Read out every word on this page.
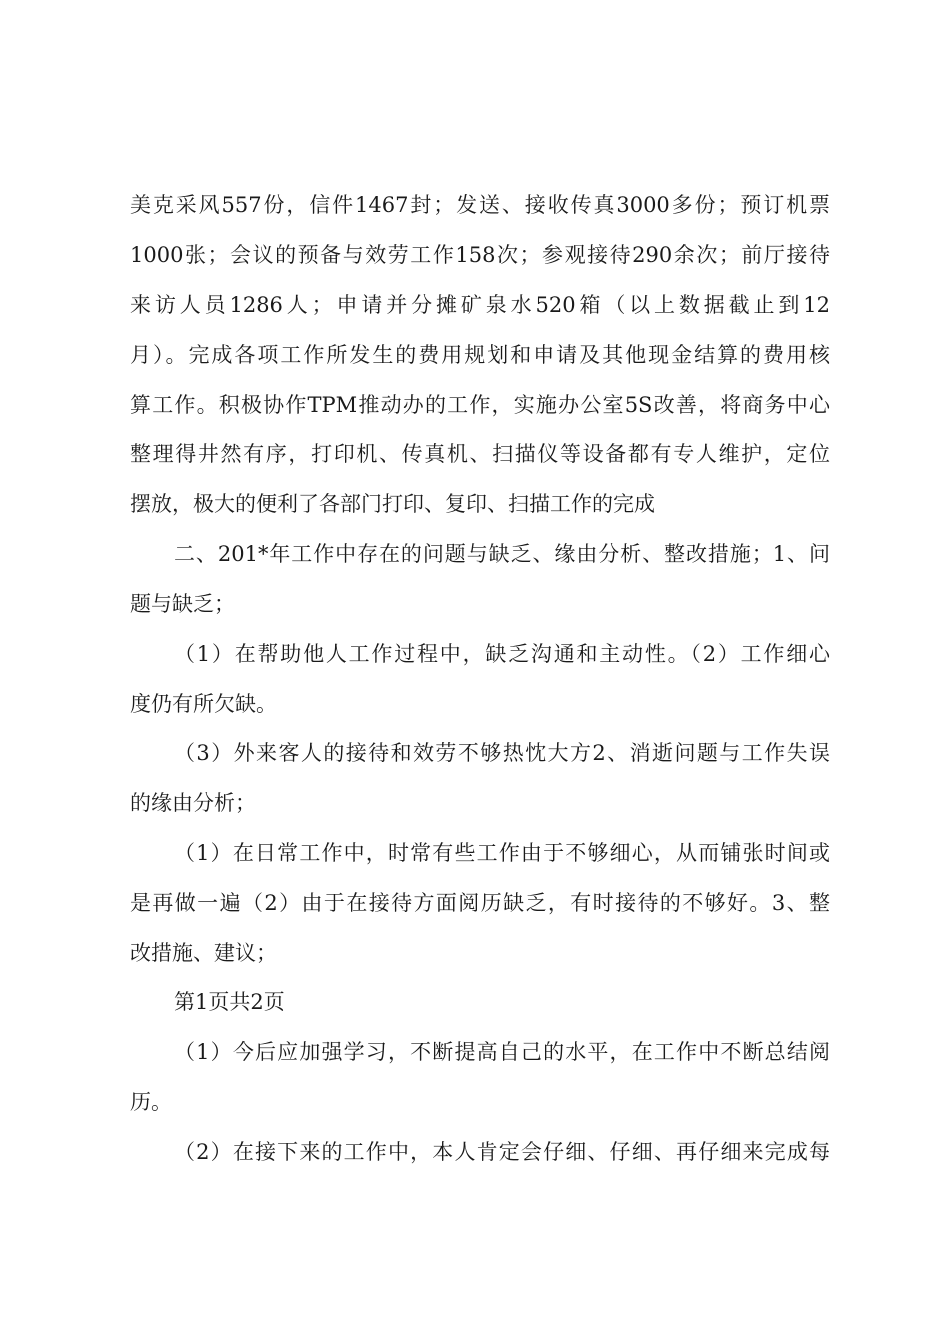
美克采风557份，信件1467封；发送、接收传真3000多份；预订机票
1000张；会议的预备与效劳工作158次；参观接待290余次；前厅接待
来访人员1286人；申请并分摊矿泉水520箱（以上数据截止到12
月）。完成各项工作所发生的费用规划和申请及其他现金结算的费用核
算工作。积极协作TPM推动办的工作，实施办公室5S改善，将商务中心
整理得井然有序，打印机、传真机、扫描仪等设备都有专人维护，定位
摆放，极大的便利了各部门打印、复印、扫描工作的完成
二、201*年工作中存在的问题与缺乏、缘由分析、整改措施；1、问
题与缺乏；
（1）在帮助他人工作过程中，缺乏沟通和主动性。（2）工作细心
度仍有所欠缺。
（3）外来客人的接待和效劳不够热忱大方2、消逝问题与工作失误
的缘由分析；
（1）在日常工作中，时常有些工作由于不够细心，从而铺张时间或
是再做一遍（2）由于在接待方面阅历缺乏，有时接待的不够好。3、整
改措施、建议；
第1页共2页
（1）今后应加强学习，不断提高自己的水平，在工作中不断总结阅
历。
（2）在接下来的工作中，本人肯定会仔细、仔细、再仔细来完成每
